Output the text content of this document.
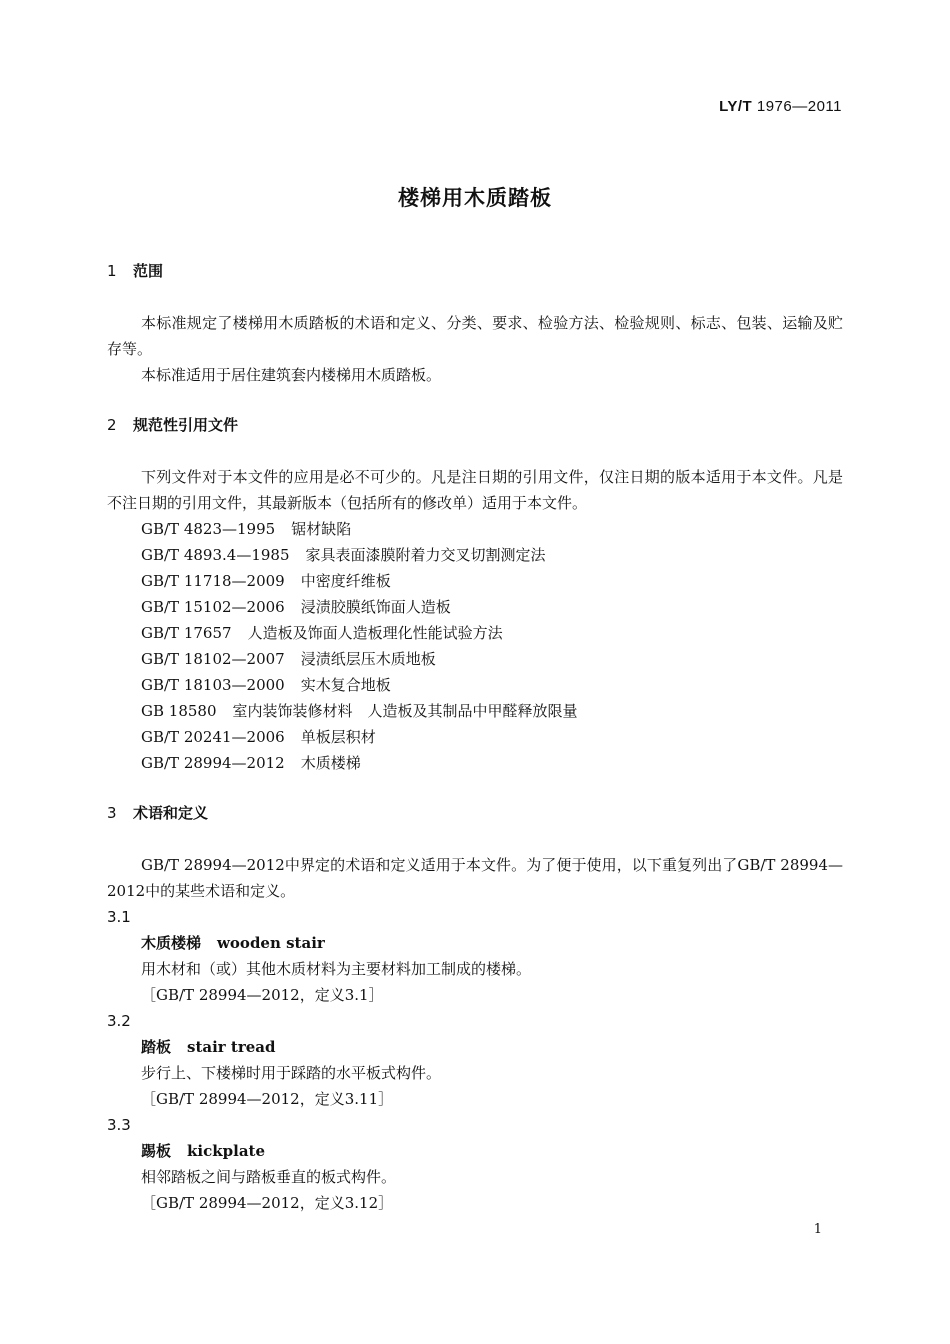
LY/T 1976—2011
楼梯用木质踏板
1 范围
本标准规定了楼梯用木质踏板的术语和定义、分类、要求、检验方法、检验规则、标志、包装、运输及贮存等。
本标准适用于居住建筑套内楼梯用木质踏板。
2 规范性引用文件
下列文件对于本文件的应用是必不可少的。凡是注日期的引用文件，仅注日期的版本适用于本文件。凡是不注日期的引用文件，其最新版本（包括所有的修改单）适用于本文件。
GB/T 4823—1995 锯材缺陷
GB/T 4893.4—1985 家具表面漆膜附着力交叉切割测定法
GB/T 11718—2009 中密度纤维板
GB/T 15102—2006 浸渍胶膜纸饰面人造板
GB/T 17657 人造板及饰面人造板理化性能试验方法
GB/T 18102—2007 浸渍纸层压木质地板
GB/T 18103—2000 实木复合地板
GB 18580 室内装饰装修材料　人造板及其制品中甲醛释放限量
GB/T 20241—2006 单板层积材
GB/T 28994—2012 木质楼梯
3 术语和定义
GB/T 28994—2012中界定的术语和定义适用于本文件。为了便于使用，以下重复列出了GB/T 28994—2012中的某些术语和定义。
3.1
木质楼梯 wooden stair
用木材和（或）其他木质材料为主要材料加工制成的楼梯。
［GB/T 28994—2012，定义3.1］
3.2
踏板 stair tread
步行上、下楼梯时用于踩踏的水平板式构件。
［GB/T 28994—2012，定义3.11］
3.3
踢板 kickplate
相邻踏板之间与踏板垂直的板式构件。
［GB/T 28994—2012，定义3.12］
1
